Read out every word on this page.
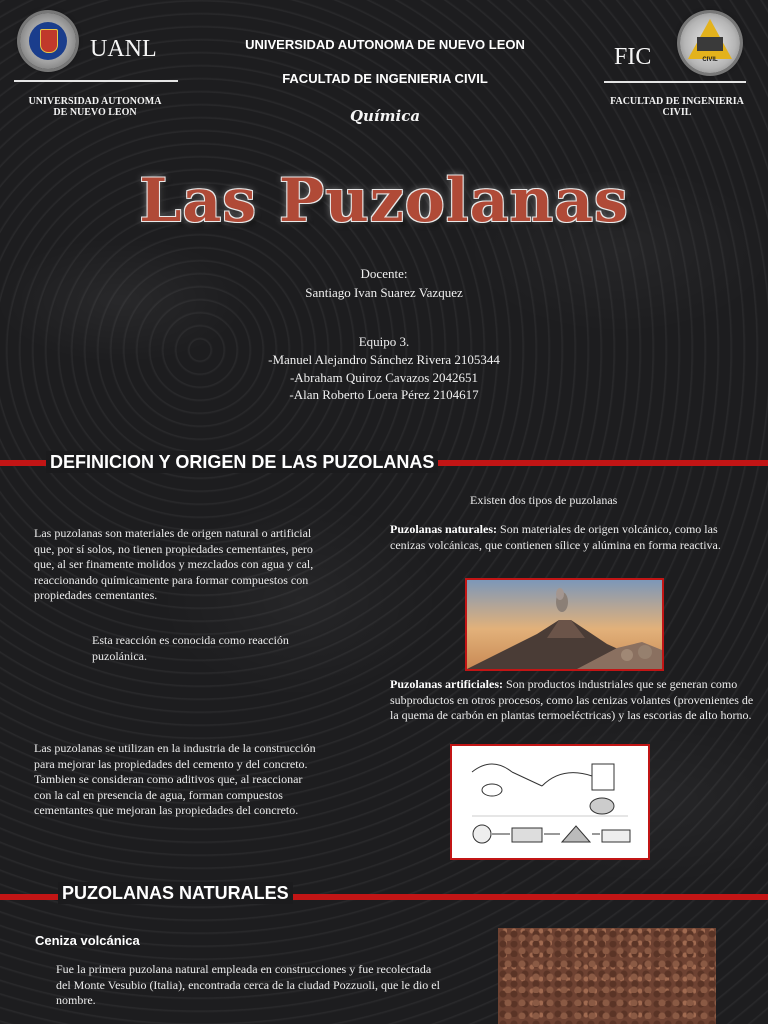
UANL
UNIVERSIDAD AUTONOMA DE NUEVO LEON
UNIVERSIDAD AUTONOMA DE NUEVO LEON
FACULTAD DE INGENIERIA CIVIL
Química
FIC	CIVIL
FACULTAD DE INGENIERIA CIVIL
Las Puzolanas
Docente:
Santiago Ivan Suarez Vazquez
Equipo 3.
-Manuel Alejandro Sánchez Rivera 2105344
-Abraham Quiroz Cavazos 2042651
-Alan Roberto Loera Pérez 2104617
DEFINICION Y ORIGEN DE LAS PUZOLANAS
Existen dos tipos de puzolanas
Las puzolanas son materiales de origen natural o artificial que, por sí solos, no tienen propiedades cementantes, pero que, al ser finamente molidos y mezclados con agua y cal, reaccionando químicamente para formar compuestos con propiedades cementantes.
Esta reacción es conocida como reacción puzolánica.
Puzolanas naturales: Son materiales de origen volcánico, como las cenizas volcánicas, que contienen sílice y alúmina en forma reactiva.
Puzolanas artificiales: Son productos industriales que se generan como subproductos en otros procesos, como las cenizas volantes (provenientes de la quema de carbón en plantas termoeléctricas) y las escorias de alto horno.
Las puzolanas se utilizan en la industria de la construcción para mejorar las propiedades del cemento y del concreto. Tambien se consideran como aditivos que, al reaccionar con la cal en presencia de agua, forman compuestos cementantes que mejoran las propiedades del concreto.
PUZOLANAS NATURALES
Ceniza volcánica
Fue la primera puzolana natural empleada en construcciones y fue recolectada del Monte Vesubio (Italia), encontrada cerca de la ciudad Pozzuoli, que le dio el nombre.
